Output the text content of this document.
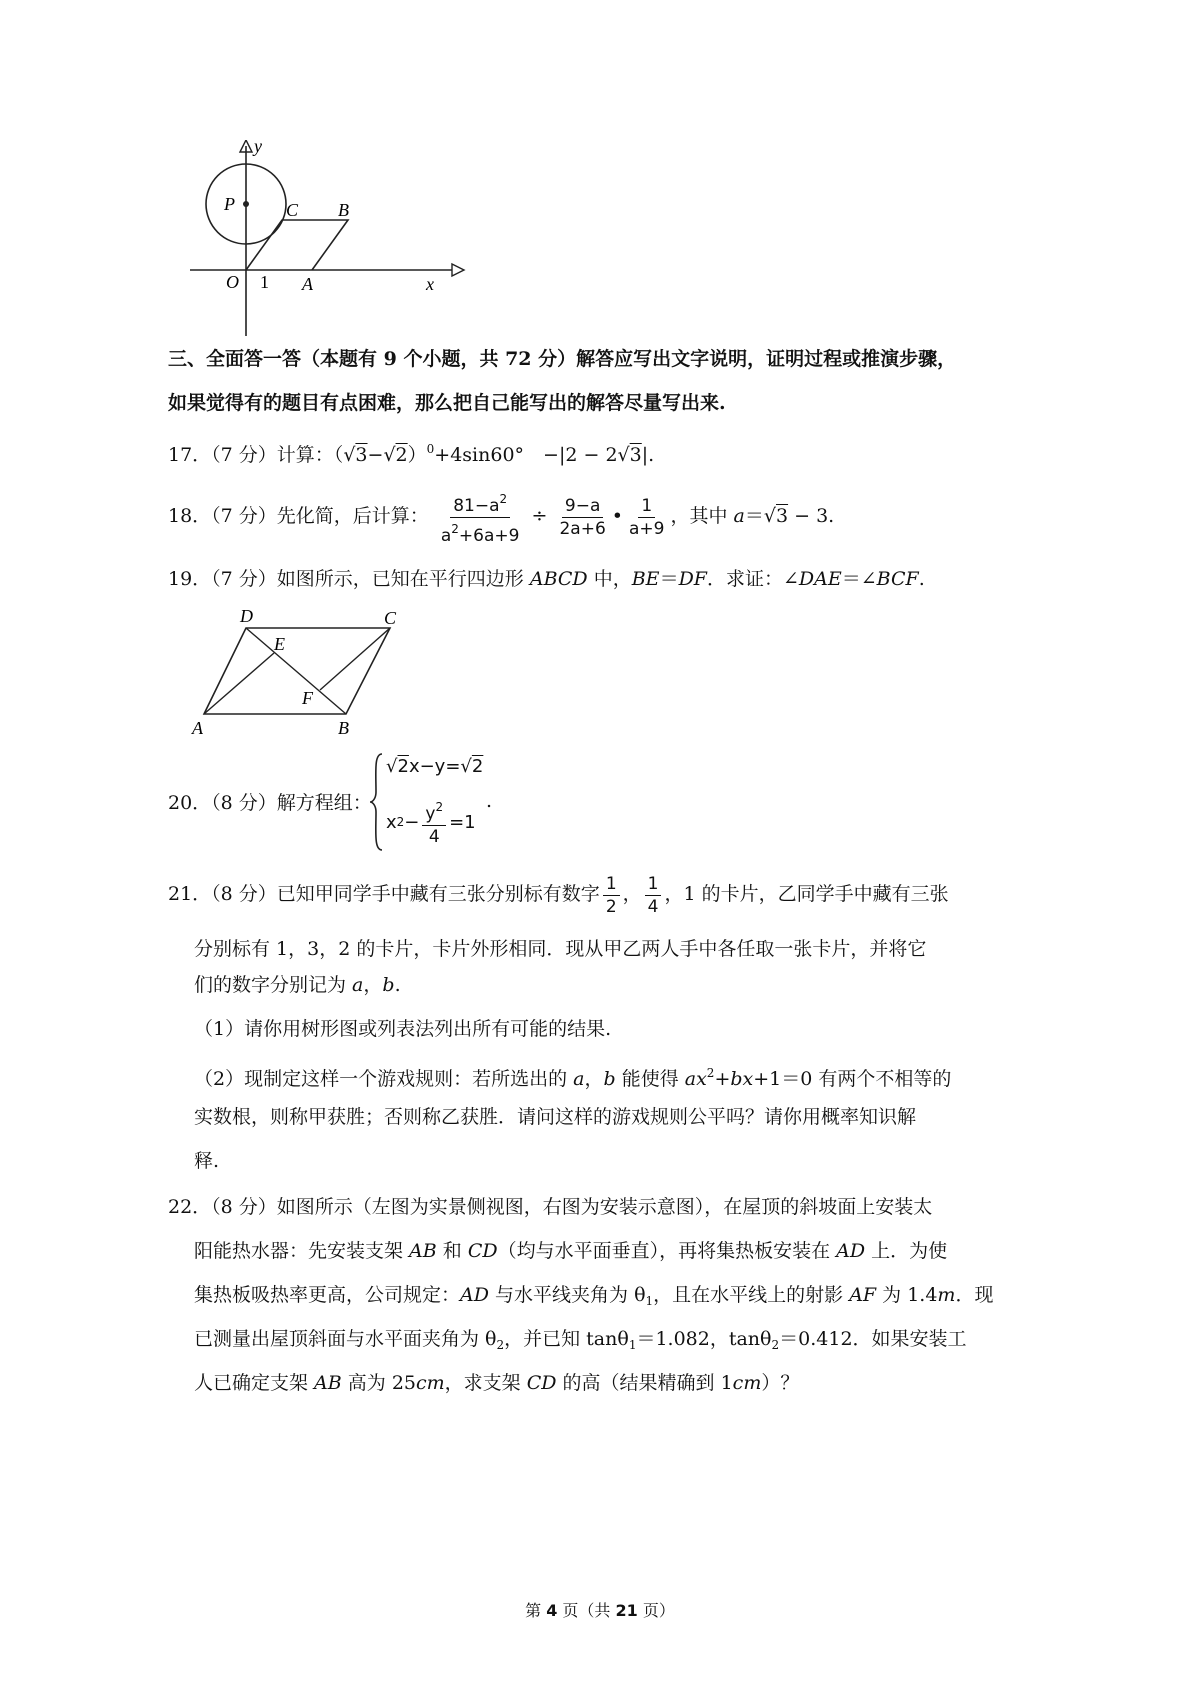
y
P	C B
O 1 A	x
三、全面答一答（本题有 9 个小题，共 72 分）解答应写出文字说明，证明过程或推演步骤，
如果觉得有的题目有点困难，那么把自己能写出的解答尽量写出来.
17．（7 分）计算：$(√3-√2)^0+4\sin 60^\circ$　−|2 − 2√3|.
18．（7 分）先化简，后计算： $\frac{81-a^2}{a^2+6a+9} \div \frac{9-a}{2a+6}$ • $\frac{1}{a+9}$ ，其中 a＝√3 − 3.
19．（7 分）如图所示，已知在平行四边形 ABCD 中，BE＝DF．求证：∠DAE＝∠BCF.
D	C
E
F
A	B
20．（8 分）解方程组：
√2x−y=√2
x $2 - \frac{y^2}{4} =1$
.
21．（8 分）已知甲同学手中藏有三张分别标有数字 $\frac{1}{2}$ ， $\frac{1}{4}$ ，1 的卡片，乙同学手中藏有三张
分别标有 1，3，2 的卡片，卡片外形相同．现从甲乙两人手中各任取一张卡片，并将它
们的数字分别记为 a，b.
（1）请你用树形图或列表法列出所有可能的结果.
（2）现制定这样一个游戏规则：若所选出的 a，b 能使得 $ax^2+bx+1=0$ 有两个不相等的
实数根，则称甲获胜；否则称乙获胜．请问这样的游戏规则公平吗？请你用概率知识解
释.
22．（8 分）如图所示（左图为实景侧视图，右图为安装示意图），在屋顶的斜坡面上安装太
阳能热水器：先安装支架 AB 和 CD（均与水平面垂直），再将集热板安装在 AD 上．为使
集热板吸热率更高，公司规定：AD 与水平线夹角为 $\theta_1$，且在水平线上的射影 AF 为 1.4m．现
已测量出屋顶斜面与水平面夹角为 $\theta_2$，并已知 tanθ$_1$＝1.082，tanθ$_2$＝0.412．如果安装工
人已确定支架 AB 高为 25cm，求支架 CD 的高（结果精确到 1cm）？
第 4 页（共 21 页）
